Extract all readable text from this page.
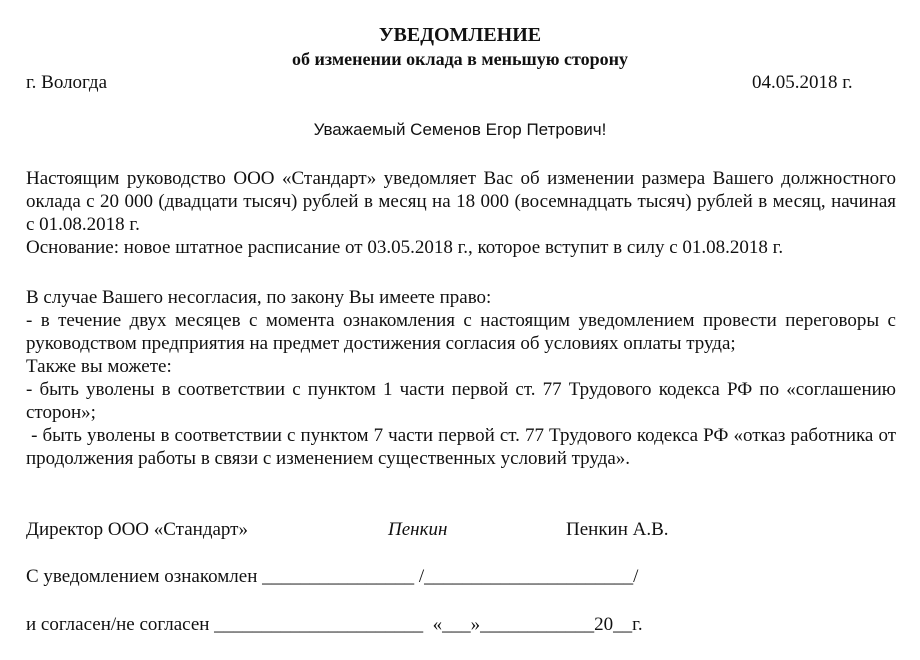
УВЕДОМЛЕНИЕ
об изменении оклада в меньшую сторону
г. Вологда	04.05.2018 г.
Уважаемый Семенов Егор Петрович!
Настоящим руководство ООО «Стандарт» уведомляет Вас об изменении размера Вашего должностного оклада с 20 000 (двадцати тысяч) рублей в месяц на 18 000 (восемнадцать тысяч) рублей в месяц, начиная с 01.08.2018 г.
Основание: новое штатное расписание от 03.05.2018 г., которое вступит в силу с 01.08.2018 г.
В случае Вашего несогласия, по закону Вы имеете право:
- в течение двух месяцев с момента ознакомления с настоящим уведомлением провести переговоры с руководством предприятия на предмет достижения согласия об условиях оплаты труда;
Также вы можете:
- быть уволены в соответствии с пунктом 1 части первой ст. 77 Трудового кодекса РФ по «соглашению сторон»;
- быть уволены в соответствии с пунктом 7 части первой ст. 77 Трудового кодекса РФ «отказ работника от продолжения работы в связи с изменением существенных условий труда».
Директор ООО «Стандарт»	Пенкин	Пенкин А.В.
С уведомлением ознакомлен ________________ /______________________/
и согласен/не согласен ______________________  «___»____________20__г.
